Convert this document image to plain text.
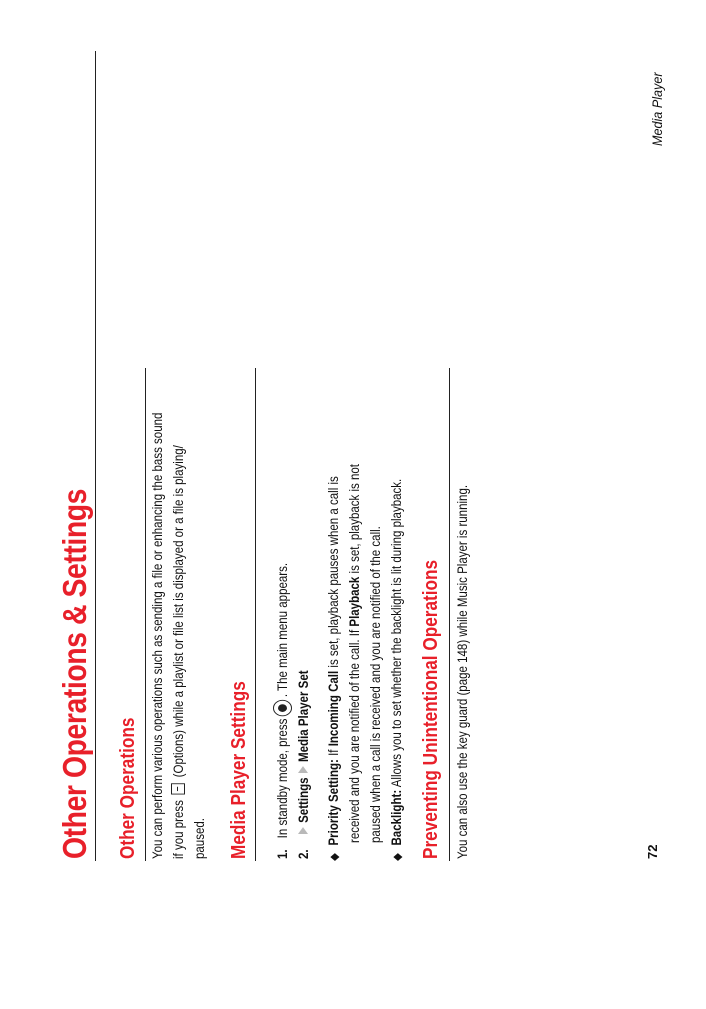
Other Operations & Settings Other Operations You can perform various operations such as sending a file or enhancing the bass sound if you press  (Options) while a playlist or file list is displayed or a file is playing/
paused. Media Player Settings 1.In standby mode, press. The main menu appears.
2.SettingsMedia Player Set
◆Priority Setting: If Incoming Call is set, playback pauses when a call is
received and you are notified of the call. If Playback is set, playback is not
paused when a call is received and you are notified of the call.
◆Backlight: Allows you to set whether the backlight is lit during playback. Preventing Unintentional Operations You can also use the key guard (page 148) while Music Player is running.	72
Media Player
